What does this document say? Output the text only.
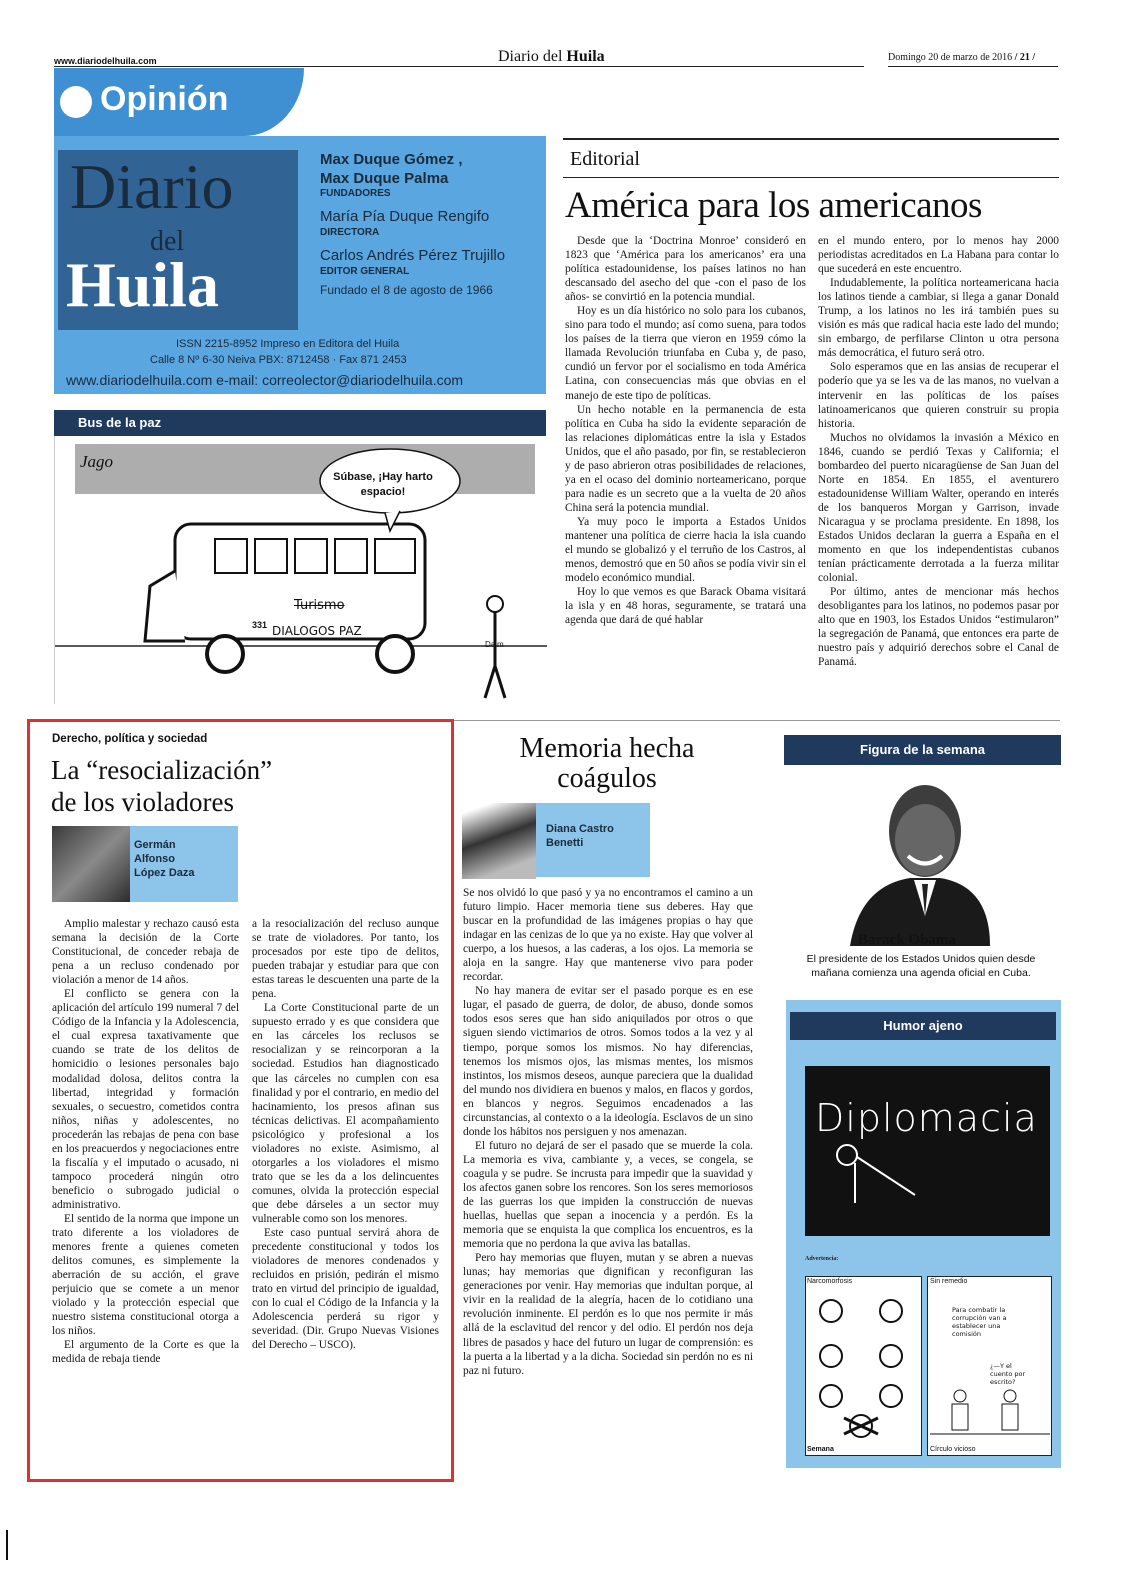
www.diariodelhuila.com	Diario del Huila	Domingo 20 de marzo de 2016 / 21 /
Opinión
Diario
del
Huila
Max Duque Gómez ,
Max Duque Palma
FUNDADORES
María Pía Duque Rengifo
DIRECTORA
Carlos Andrés Pérez Trujillo
EDITOR GENERAL
Fundado el 8 de agosto de 1966
ISSN 2215-8952 Impreso en Editora del Huila
Calle 8 Nº 6-30 Neiva PBX: 8712458 · Fax 871 2453
www.diariodelhuila.com e-mail: correolector@diariodelhuila.com
Bus de la paz
Jago
Súbase, ¡Hay harto espacio!
Turismo
DIALOGOS PAZ
331
Dalm
Editorial
América para los americanos

Desde que la ‘Doctrina Monroe’ consideró en 1823 que ‘América para los americanos’ era una política estadounidense, los países latinos no han descansado del asecho del que -con el paso de los años- se convirtió en la potencia mundial.

Hoy es un día histórico no solo para los cubanos, sino para todo el mundo; así como suena, para todos los países de la tierra que vieron en 1959 cómo la llamada Revolución triunfaba en Cuba y, de paso, cundió un fervor por el socialismo en toda América Latina, con consecuencias más que obvias en el manejo de este tipo de políticas.

Un hecho notable en la permanencia de esta política en Cuba ha sido la evidente separación de las relaciones diplomáticas entre la isla y Estados Unidos, que el año pasado, por fin, se restablecieron y de paso abrieron otras posibilidades de relaciones, ya en el ocaso del dominio norteamericano, porque para nadie es un secreto que a la vuelta de 20 años China será la potencia mundial.

Ya muy poco le importa a Estados Unidos mantener una política de cierre hacia la isla cuando el mundo se globalizó y el terruño de los Castros, al menos, demostró que en 50 años se podía vivir sin el modelo económico mundial.

Hoy lo que vemos es que Barack Obama visitará la isla y en 48 horas, seguramente, se tratará una agenda que dará de qué hablar

en el mundo entero, por lo menos hay 2000 periodistas acreditados en La Habana para contar lo que sucederá en este encuentro.

Indudablemente, la política norteamericana hacia los latinos tiende a cambiar, si llega a ganar Donald Trump, a los latinos no les irá también pues su visión es más que radical hacia este lado del mundo; sin embargo, de perfilarse Clinton u otra persona más democrática, el futuro será otro.

Solo esperamos que en las ansias de recuperar el poderío que ya se les va de las manos, no vuelvan a intervenir en las políticas de los países latinoamericanos que quieren construir su propia historia.

Muchos no olvidamos la invasión a México en 1846, cuando se perdió Texas y California; el bombardeo del puerto nicaragüense de San Juan del Norte en 1854. En 1855, el aventurero estadounidense William Walter, operando en interés de los banqueros Morgan y Garrison, invade Nicaragua y se proclama presidente. En 1898, los Estados Unidos declaran la guerra a España en el momento en que los independentistas cubanos tenían prácticamente derrotada a la fuerza militar colonial.

Por último, antes de mencionar más hechos desobligantes para los latinos, no podemos pasar por alto que en 1903, los Estados Unidos “estimularon” la segregación de Panamá, que entonces era parte de nuestro país y adquirió derechos sobre el Canal de Panamá.

Derecho, política y sociedad
La “resocialización”
de los violadores
Germán Alfonso López Daza

Amplio malestar y rechazo causó esta semana la decisión de la Corte Constitucional, de conceder rebaja de pena a un recluso condenado por violación a menor de 14 años.

El conflicto se genera con la aplicación del artículo 199 numeral 7 del Código de la Infancia y la Adolescencia, el cual expresa taxativamente que cuando se trate de los delitos de homicidio o lesiones personales bajo modalidad dolosa, delitos contra la libertad, integridad y formación sexuales, o secuestro, cometidos contra niños, niñas y adolescentes, no procederán las rebajas de pena con base en los preacuerdos y negociaciones entre la fiscalía y el imputado o acusado, ni tampoco procederá ningún otro beneficio o subrogado judicial o administrativo.

El sentido de la norma que impone un trato diferente a los violadores de menores frente a quienes cometen delitos comunes, es simplemente la aberración de su acción, el grave perjuicio que se comete a un menor violado y la protección especial que nuestro sistema constitucional otorga a los niños.

El argumento de la Corte es que la medida de rebaja tiende

a la resocialización del recluso aunque se trate de violadores. Por tanto, los procesados por este tipo de delitos, pueden trabajar y estudiar para que con estas tareas le descuenten una parte de la pena.

La Corte Constitucional parte de un supuesto errado y es que considera que en las cárceles los reclusos se resocializan y se reincorporan a la sociedad. Estudios han diagnosticado que las cárceles no cumplen con esa finalidad y por el contrario, en medio del hacinamiento, los presos afinan sus técnicas delictivas. El acompañamiento psicológico y profesional a los violadores no existe. Asimismo, al otorgarles a los violadores el mismo trato que se les da a los delincuentes comunes, olvida la protección especial que debe dárseles a un sector muy vulnerable como son los menores.

Este caso puntual servirá ahora de precedente constitucional y todos los violadores de menores condenados y recluidos en prisión, pedirán el mismo trato en virtud del principio de igualdad, con lo cual el Código de la Infancia y la Adolescencia perderá su rigor y severidad. (Dir. Grupo Nuevas Visiones del Derecho – USCO).

Memoria hecha
coágulos
Diana Castro Benetti

Se nos olvidó lo que pasó y ya no encontramos el camino a un futuro limpio. Hacer memoria tiene sus deberes. Hay que buscar en la profundidad de las imágenes propias o hay que indagar en las cenizas de lo que ya no existe. Hay que volver al cuerpo, a los huesos, a las caderas, a los ojos. La memoria se aloja en la sangre. Hay que mantenerse vivo para poder recordar.

No hay manera de evitar ser el pasado porque es en ese lugar, el pasado de guerra, de dolor, de abuso, donde somos todos esos seres que han sido aniquilados por otros o que siguen siendo victimarios de otros. Somos todos a la vez y al tiempo, porque somos los mismos. No hay diferencias, tenemos los mismos ojos, las mismas mentes, los mismos instintos, los mismos deseos, aunque pareciera que la dualidad del mundo nos dividiera en buenos y malos, en flacos y gordos, en blancos y negros. Seguimos encadenados a las circunstancias, al contexto o a la ideología. Esclavos de un sino donde los hábitos nos persiguen y nos amenazan.

El futuro no dejará de ser el pasado que se muerde la cola. La memoria es viva, cambiante y, a veces, se congela, se coagula y se pudre. Se incrusta para impedir que la suavidad y los afectos ganen sobre los rencores. Son los seres memoriosos de las guerras los que impiden la construcción de nuevas huellas, huellas que sepan a inocencia y a perdón. Es la memoria que se enquista la que complica los encuentros, es la memoria que no perdona la que aviva las batallas.

Pero hay memorias que fluyen, mutan y se abren a nuevas lunas; hay memorias que dignifican y reconfiguran las generaciones por venir. Hay memorias que indultan porque, al vivir en la realidad de la alegría, hacen de lo cotidiano una revolución inminente. El perdón es lo que nos permite ir más allá de la esclavitud del rencor y del odio. El perdón nos deja libres de pasados y hace del futuro un lugar de comprensión: es la puerta a la libertad y a la dicha. Sociedad sin perdón no es ni paz ni futuro.

Figura de la semana
Barack Obama
El presidente de los Estados Unidos quien desde mañana comienza una agenda oficial en Cuba.
Humor ajeno
Diplomacia
Advertencia:
Narcomorfosis
Semana
Sin remedio
Para combatir la corrupción van a establecer una comisión
¿—Y el cuento por escrito?
Círculo vicioso
